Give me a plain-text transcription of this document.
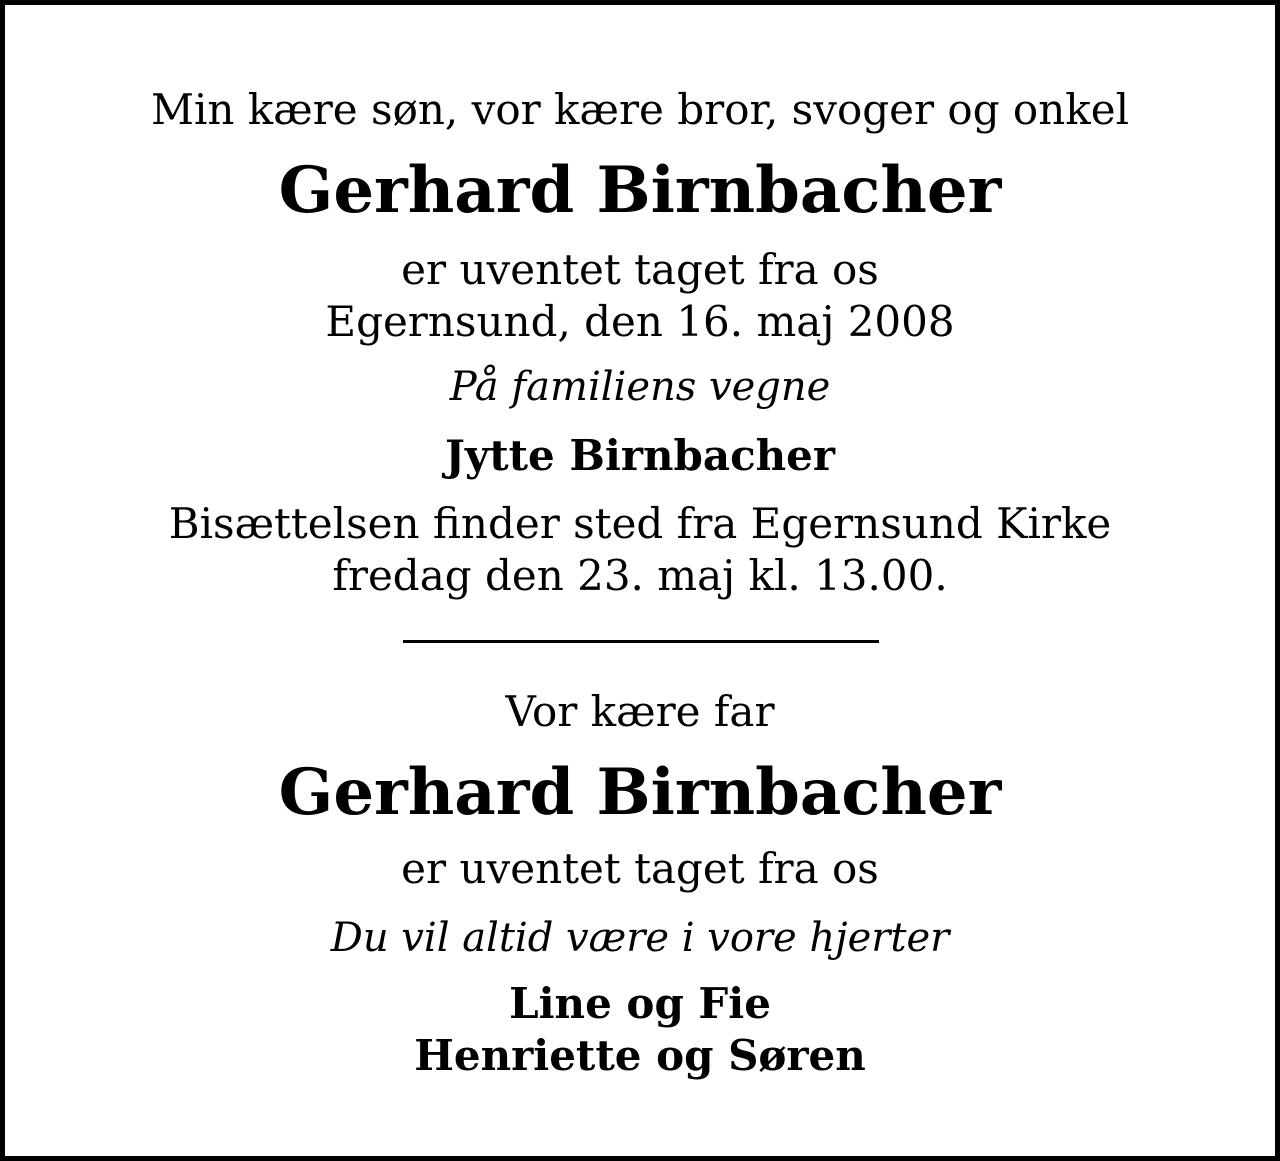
Min kære søn, vor kære bror, svoger og onkel
Gerhard Birnbacher
er uventet taget fra os
Egernsund, den 16. maj 2008
På familiens vegne
Jytte Birnbacher
Bisættelsen finder sted fra Egernsund Kirke
fredag den 23. maj kl. 13.00.
Vor kære far
Gerhard Birnbacher
er uventet taget fra os
Du vil altid være i vore hjerter
Line og Fie
Henriette og Søren
